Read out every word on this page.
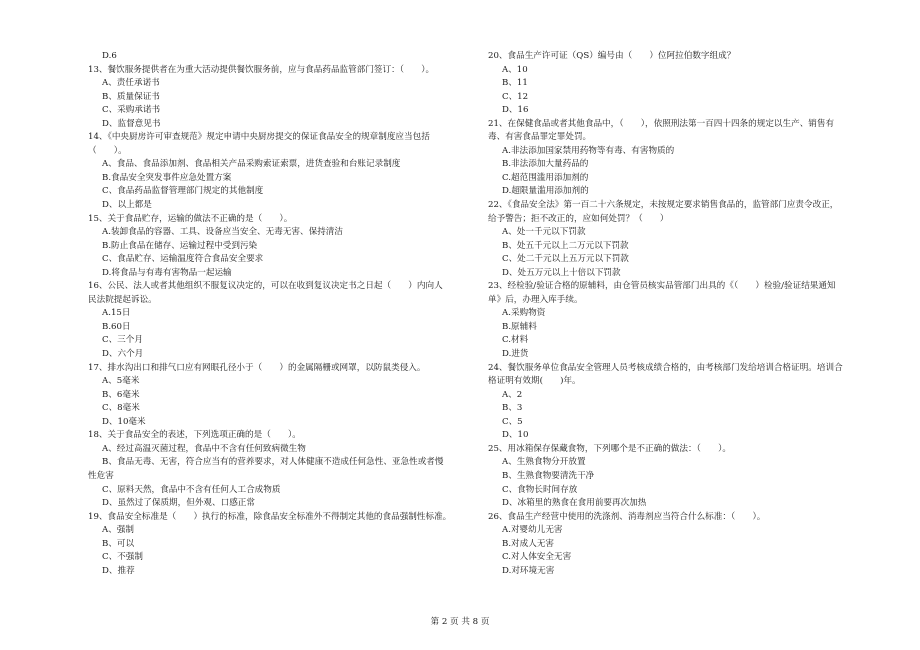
D.6
13、餐饮服务提供者在为重大活动提供餐饮服务前，应与食品药品监管部门签订：（　　）。
A、责任承诺书
B、质量保证书
C、采购承诺书
D、监督意见书
14、《中央厨房许可审查规范》规定申请中央厨房提交的保证食品安全的规章制度应当包括
（　　）。
A、食品、食品添加剂、食品相关产品采购索证索票，进货查验和台账记录制度
B.食品安全突发事件应急处置方案
C、食品药品监督管理部门规定的其他制度
D、以上都是
15、关于食品贮存，运输的做法不正确的是（　　）。
A.装卸食品的容器、工具、设备应当安全、无毒无害、保持清洁
B.防止食品在储存、运输过程中受到污染
C、食品贮存、运输温度符合食品安全要求
D.将食品与有毒有害物品一起运输
16、公民、法人或者其他组织不服复议决定的，可以在收到复议决定书之日起（　　）内向人
民法院提起诉讼。
A.15日
B.60日
C、三个月
D、六个月
17、排水沟出口和排气口应有网眼孔径小于（　　）的金属隔栅或网罩，以防鼠类侵入。
A、5毫米
B、6毫米
C、8毫米
D、10毫米
18、关于食品安全的表述，下列选项正确的是（　　）。
A、经过高温灭菌过程，食品中不含有任何致病微生物
B、食品无毒、无害，符合应当有的营养要求，对人体健康不造成任何急性、亚急性或者慢
性危害
C、原料天然，食品中不含有任何人工合成物质
D、虽然过了保质期，但外观、口感正常
19、食品安全标准是（　　）执行的标准，除食品安全标准外不得制定其他的食品强制性标准。
A、强制
B、可以
C、不强制
D、推荐
20、食品生产许可证（QS）编号由（　　）位阿拉伯数字组成？
A、10
B、11
C、12
D、16
21、在保健食品或者其他食品中，（　　），依照刑法第一百四十四条的规定以生产、销售有
毒、有害食品罪定罪处罚。
A.非法添加国家禁用药物等有毒、有害物质的
B.非法添加大量药品的
C.超范围滥用添加剂的
D.超限量滥用添加剂的
22、《食品安全法》第一百二十六条规定，未按规定要求销售食品的，监管部门应责令改正，
给予警告；拒不改正的，应如何处罚？（　　）
A、处一千元以下罚款
B、处五千元以上二万元以下罚款
C、处二千元以上五万元以下罚款
D、处五万元以上十倍以下罚款
23、经检验/验证合格的原辅料，由仓管员核实品管部门出具的《（　　）检验/验证结果通知
单》后，办理入库手续。
A.采购物资
B.原辅料
C.材料
D.进货
24、餐饮服务单位食品安全管理人员考核成绩合格的，由考核部门发给培训合格证明。培训合
格证明有效期(　　)年。
A、2
B、3
C、5
D、10
25、用冰箱保存保藏食物，下列哪个是不正确的做法：（　　）。
A、生熟食物分开放置
B、生熟食物要清洗干净
C、食物长时间存放
D、冰箱里的熟食在食用前要再次加热
26、食品生产经营中使用的洗涤剂、消毒剂应当符合什么标准：（　　）。
A.对婴幼儿无害
B.对成人无害
C.对人体安全无害
D.对环境无害
第 2 页 共 8 页
